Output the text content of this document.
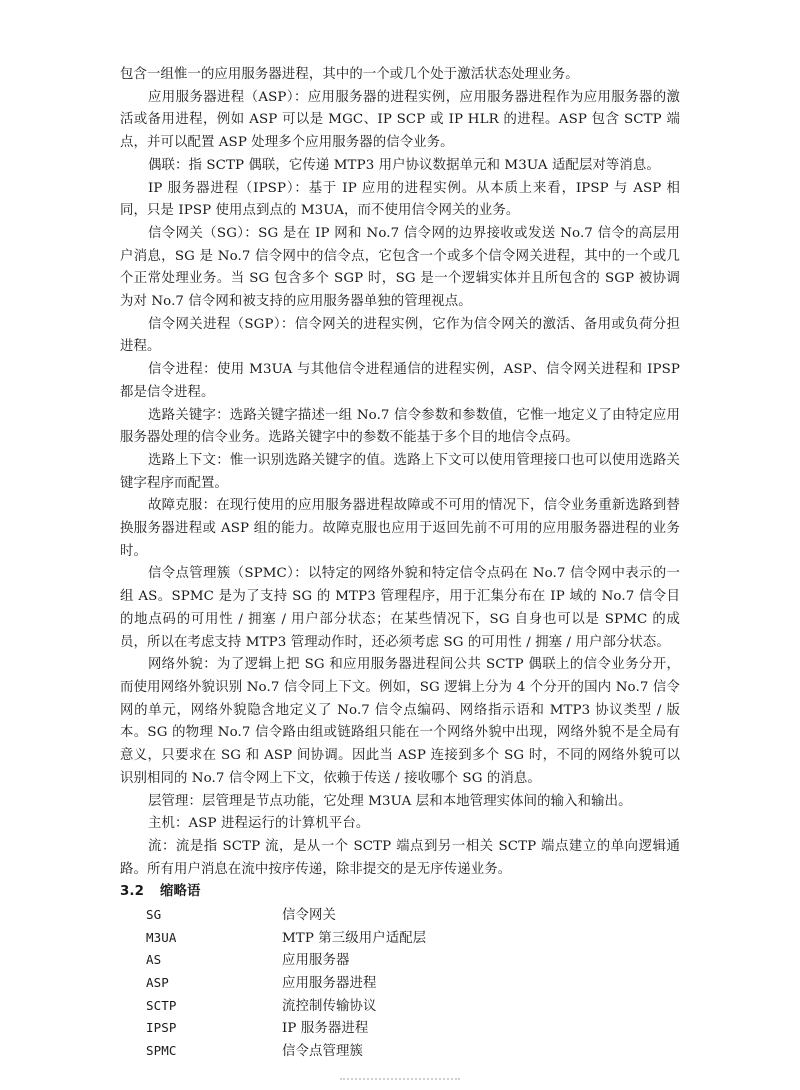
包含一组惟一的应用服务器进程，其中的一个或几个处于激活状态处理业务。

应用服务器进程（ASP）：应用服务器的进程实例，应用服务器进程作为应用服务器的激活或备用进程，例如 ASP 可以是 MGC、IP SCP 或 IP HLR 的进程。ASP 包含 SCTP 端点，并可以配置 ASP 处理多个应用服务器的信令业务。

偶联：指 SCTP 偶联，它传递 MTP3 用户协议数据单元和 M3UA 适配层对等消息。

IP 服务器进程（IPSP）：基于 IP 应用的进程实例。从本质上来看，IPSP 与 ASP 相同，只是 IPSP 使用点到点的 M3UA，而不使用信令网关的业务。

信令网关（SG）：SG 是在 IP 网和 No.7 信令网的边界接收或发送 No.7 信令的高层用户消息，SG 是 No.7 信令网中的信令点，它包含一个或多个信令网关进程，其中的一个或几个正常处理业务。当 SG 包含多个 SGP 时，SG 是一个逻辑实体并且所包含的 SGP 被协调为对 No.7 信令网和被支持的应用服务器单独的管理视点。

信令网关进程（SGP）：信令网关的进程实例，它作为信令网关的激活、备用或负荷分担进程。

信令进程：使用 M3UA 与其他信令进程通信的进程实例，ASP、信令网关进程和 IPSP 都是信令进程。

选路关键字：选路关键字描述一组 No.7 信令参数和参数值，它惟一地定义了由特定应用服务器处理的信令业务。选路关键字中的参数不能基于多个目的地信令点码。

选路上下文：惟一识别选路关键字的值。选路上下文可以使用管理接口也可以使用选路关键字程序而配置。

故障克服：在现行使用的应用服务器进程故障或不可用的情况下，信令业务重新选路到替换服务器进程或 ASP 组的能力。故障克服也应用于返回先前不可用的应用服务器进程的业务时。

信令点管理簇（SPMC）：以特定的网络外貌和特定信令点码在 No.7 信令网中表示的一组 AS。SPMC 是为了支持 SG 的 MTP3 管理程序，用于汇集分布在 IP 域的 No.7 信令目的地点码的可用性 / 拥塞 / 用户部分状态；在某些情况下，SG 自身也可以是 SPMC 的成员，所以在考虑支持 MTP3 管理动作时，还必须考虑 SG 的可用性 / 拥塞 / 用户部分状态。

网络外貌：为了逻辑上把 SG 和应用服务器进程间公共 SCTP 偶联上的信令业务分开，而使用网络外貌识别 No.7 信令同上下文。例如，SG 逻辑上分为 4 个分开的国内 No.7 信令网的单元，网络外貌隐含地定义了 No.7 信令点编码、网络指示语和 MTP3 协议类型 / 版本。SG 的物理 No.7 信令路由组或链路组只能在一个网络外貌中出现，网络外貌不是全局有意义，只要求在 SG 和 ASP 间协调。因此当 ASP 连接到多个 SG 时，不同的网络外貌可以识别相同的 No.7 信令网上下文，依赖于传送 / 接收哪个 SG 的消息。

层管理：层管理是节点功能，它处理 M3UA 层和本地管理实体间的输入和输出。

主机：ASP 进程运行的计算机平台。

流：流是指 SCTP 流，是从一个 SCTP 端点到另一相关 SCTP 端点建立的单向逻辑通路。所有用户消息在流中按序传递，除非提交的是无序传递业务。

3.2 缩略语
SG	信令网关
M3UA	MTP 第三级用户适配层
AS	应用服务器
ASP	应用服务器进程
SCTP	流控制传输协议
IPSP	IP 服务器进程
SPMC	信令点管理簇
